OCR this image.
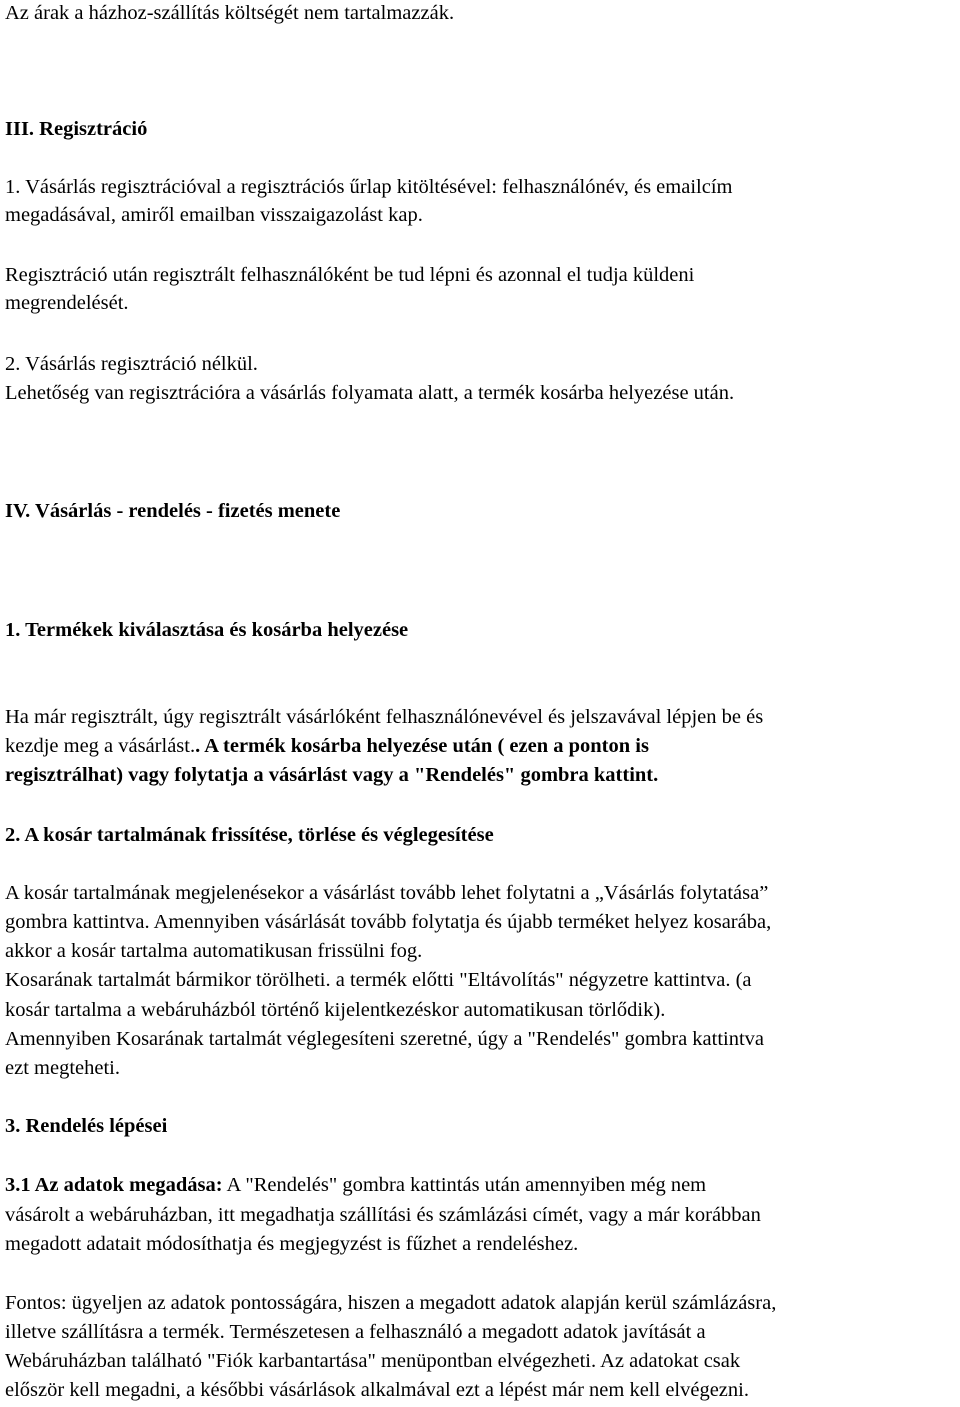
Az árak a házhoz-szállítás költségét nem tartalmazzák.

III. Regisztráció

1. Vásárlás regisztrációval a regisztrációs űrlap kitöltésével: felhasználónév, és emailcím

megadásával, amiről emailban visszaigazolást kap.

Regisztráció után regisztrált felhasználóként be tud lépni és azonnal el tudja küldeni

megrendelését.

2. Vásárlás regisztráció nélkül.

Lehetőség van regisztrációra a vásárlás folyamata alatt, a termék kosárba helyezése után.

IV. Vásárlás - rendelés - fizetés menete

1. Termékek kiválasztása és kosárba helyezése

Ha már regisztrált, úgy regisztrált vásárlóként felhasználónevével és jelszavával lépjen be és

kezdje meg a vásárlást.. A termék kosárba helyezése után ( ezen a ponton is

regisztrálhat) vagy folytatja a vásárlást vagy a "Rendelés" gombra kattint.

2. A kosár tartalmának frissítése, törlése és véglegesítése

A kosár tartalmának megjelenésekor a vásárlást tovább lehet folytatni a „Vásárlás folytatása”

gombra kattintva. Amennyiben vásárlását tovább folytatja és újabb terméket helyez kosarába,

akkor a kosár tartalma automatikusan frissülni fog.

Kosarának tartalmát bármikor törölheti. a termék előtti "Eltávolítás" négyzetre kattintva. (a

kosár tartalma a webáruházból történő kijelentkezéskor automatikusan törlődik).

Amennyiben Kosarának tartalmát véglegesíteni szeretné, úgy a "Rendelés" gombra kattintva

ezt megteheti.

3. Rendelés lépései

3.1 Az adatok megadása: A "Rendelés" gombra kattintás után amennyiben még nem

vásárolt a webáruházban, itt megadhatja szállítási és számlázási címét, vagy a már korábban

megadott adatait módosíthatja és megjegyzést is fűzhet a rendeléshez.

Fontos: ügyeljen az adatok pontosságára, hiszen a megadott adatok alapján kerül számlázásra,

illetve szállításra a termék. Természetesen a felhasználó a megadott adatok javítását a

Webáruházban található "Fiók karbantartása" menüpontban elvégezheti. Az adatokat csak

először kell megadni, a későbbi vásárlások alkalmával ezt a lépést már nem kell elvégezni.
